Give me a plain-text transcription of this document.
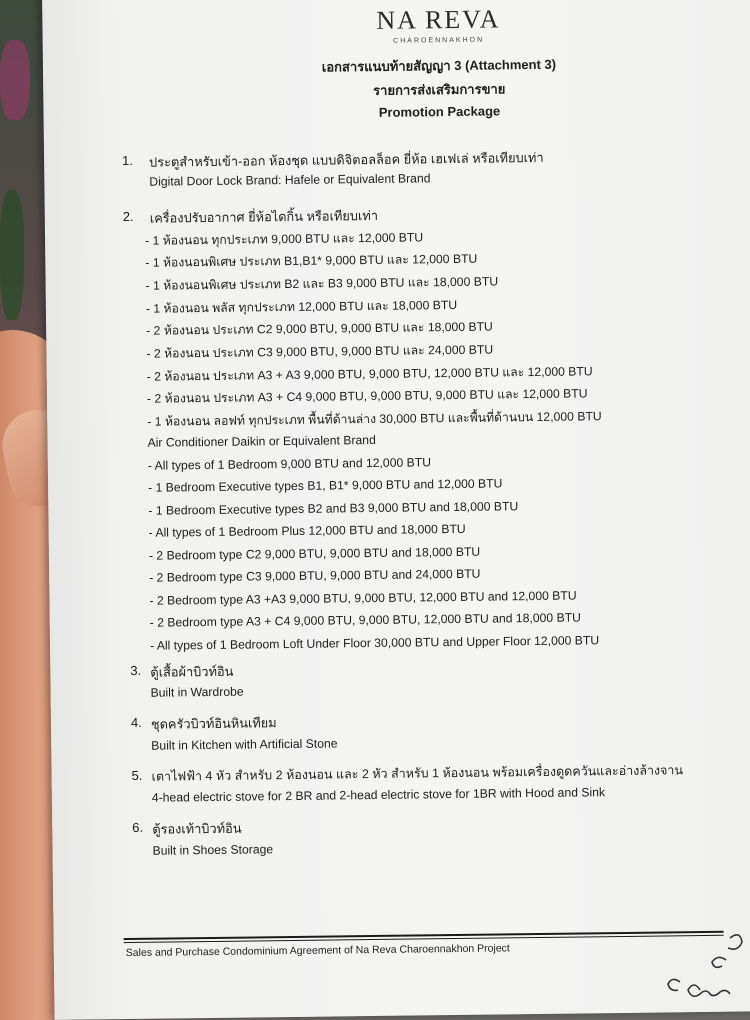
NA REVA
CHAROENNAKHON
เอกสารแนบท้ายสัญญา 3 (Attachment 3)
รายการส่งเสริมการขาย
Promotion Package
1. ประตูสำหรับเข้า-ออก ห้องชุด แบบดิจิตอลล็อค ยี่ห้อ เฮเฟเล่ หรือเทียบเท่า
Digital Door Lock Brand: Hafele or Equivalent Brand
2. เครื่องปรับอากาศ ยี่ห้อไดกิ้น หรือเทียบเท่า
- 1 ห้องนอน ทุกประเภท 9,000 BTU และ 12,000 BTU
- 1 ห้องนอนพิเศษ ประเภท B1,B1* 9,000 BTU และ 12,000 BTU
- 1 ห้องนอนพิเศษ ประเภท B2 และ B3 9,000 BTU และ 18,000 BTU
- 1 ห้องนอน พลัส ทุกประเภท 12,000 BTU และ 18,000 BTU
- 2 ห้องนอน ประเภท C2 9,000 BTU, 9,000 BTU และ 18,000 BTU
- 2 ห้องนอน ประเภท C3 9,000 BTU, 9,000 BTU และ 24,000 BTU
- 2 ห้องนอน ประเภท A3 + A3 9,000 BTU, 9,000 BTU, 12,000 BTU และ 12,000 BTU
- 2 ห้องนอน ประเภท A3 + C4 9,000 BTU, 9,000 BTU, 9,000 BTU และ 12,000 BTU
- 1 ห้องนอน ลอฟท์ ทุกประเภท พื้นที่ด้านล่าง 30,000 BTU และพื้นที่ด้านบน 12,000 BTU
Air Conditioner Daikin or Equivalent Brand
- All types of 1 Bedroom 9,000 BTU and 12,000 BTU
- 1 Bedroom Executive types B1, B1* 9,000 BTU and 12,000 BTU
- 1 Bedroom Executive types B2 and B3 9,000 BTU and 18,000 BTU
- All types of 1 Bedroom Plus 12,000 BTU and 18,000 BTU
- 2 Bedroom type C2 9,000 BTU, 9,000 BTU and 18,000 BTU
- 2 Bedroom type C3 9,000 BTU, 9,000 BTU and 24,000 BTU
- 2 Bedroom type A3 +A3 9,000 BTU, 9,000 BTU, 12,000 BTU and 12,000 BTU
- 2 Bedroom type A3 + C4 9,000 BTU, 9,000 BTU, 12,000 BTU and 18,000 BTU
- All types of 1 Bedroom Loft Under Floor 30,000 BTU and Upper Floor 12,000 BTU
3. ตู้เสื้อผ้าบิวท์อิน
Built in Wardrobe
4. ชุดครัวบิวท์อินหินเทียม
Built in Kitchen with Artificial Stone
5. เตาไฟฟ้า 4 หัว สำหรับ 2 ห้องนอน และ 2 หัว สำหรับ 1 ห้องนอน พร้อมเครื่องดูดควันและอ่างล้างจาน
4-head electric stove for 2 BR and 2-head electric stove for 1BR with Hood and Sink
6. ตู้รองเท้าบิวท์อิน
Built in Shoes Storage
Sales and Purchase Condominium Agreement of Na Reva Charoennakhon Project
